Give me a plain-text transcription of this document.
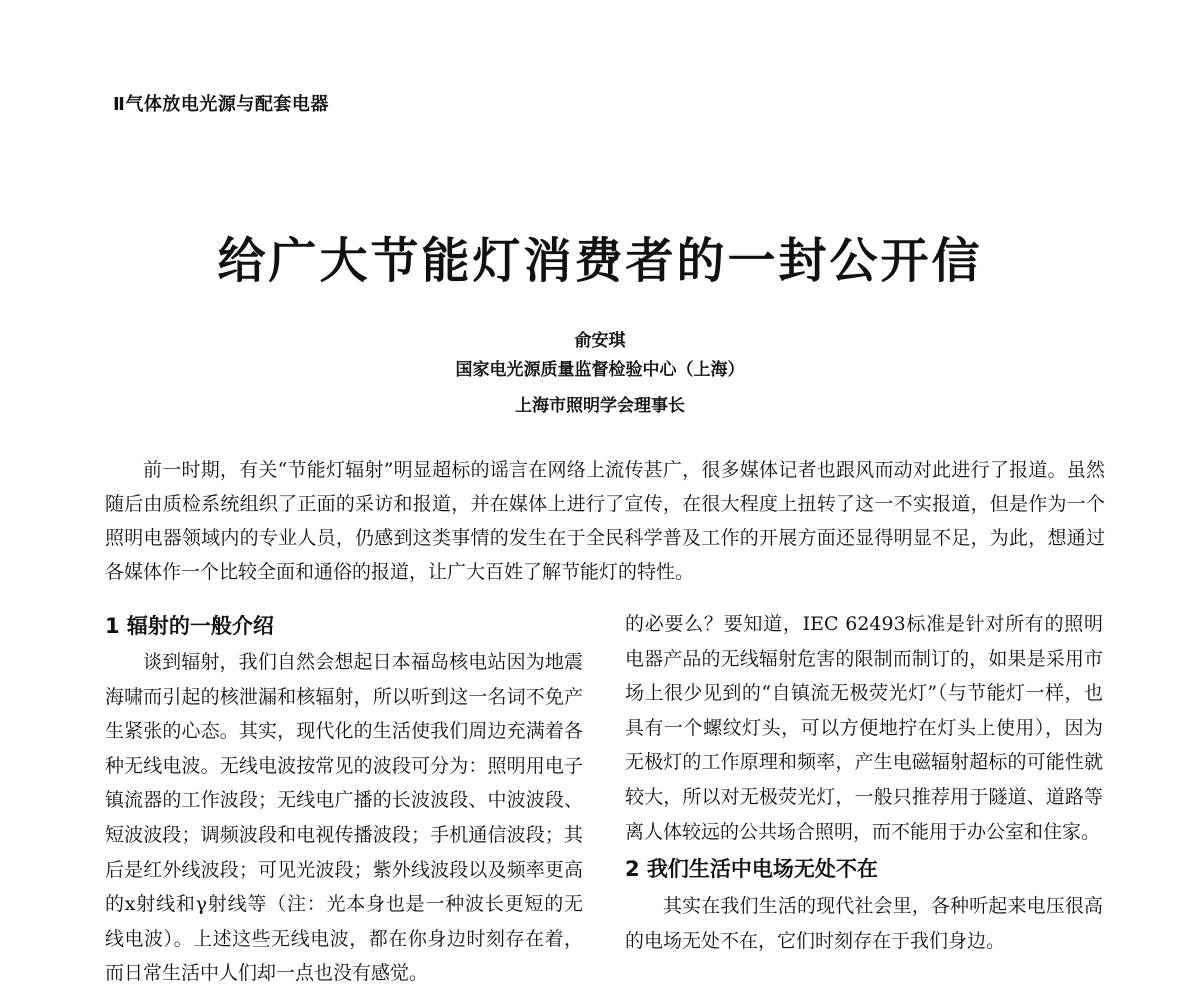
Ⅱ气体放电光源与配套电器
给广大节能灯消费者的一封公开信
俞安琪
国家电光源质量监督检验中心（上海）
上海市照明学会理事长

前一时期，有关“节能灯辐射”明显超标的谣言在网络上流传甚广，很多媒体记者也跟风而动对此进行了报道。虽然随后由质检系统组织了正面的采访和报道，并在媒体上进行了宣传，在很大程度上扭转了这一不实报道，但是作为一个照明电器领域内的专业人员，仍感到这类事情的发生在于全民科学普及工作的开展方面还显得明显不足，为此，想通过各媒体作一个比较全面和通俗的报道，让广大百姓了解节能灯的特性。

1 辐射的一般介绍

谈到辐射，我们自然会想起日本福岛核电站因为地震海啸而引起的核泄漏和核辐射，所以听到这一名词不免产生紧张的心态。其实，现代化的生活使我们周边充满着各种无线电波。无线电波按常见的波段可分为：照明用电子镇流器的工作波段；无线电广播的长波波段、中波波段、短波波段；调频波段和电视传播波段；手机通信波段；其后是红外线波段；可见光波段；紫外线波段以及频率更高的x射线和γ射线等（注：光本身也是一种波长更短的无线电波）。上述这些无线电波，都在你身边时刻存在着，而日常生活中人们却一点也没有感觉。

的必要么？要知道，IEC 62493标准是针对所有的照明电器产品的无线辐射危害的限制而制订的，如果是采用市场上很少见到的“自镇流无极荧光灯”（与节能灯一样，也具有一个螺纹灯头，可以方便地拧在灯头上使用），因为无极灯的工作原理和频率，产生电磁辐射超标的可能性就较大，所以对无极荧光灯，一般只推荐用于隧道、道路等离人体较远的公共场合照明，而不能用于办公室和住家。

2 我们生活中电场无处不在

其实在我们生活的现代社会里，各种听起来电压很高的电场无处不在，它们时刻存在于我们身边。
